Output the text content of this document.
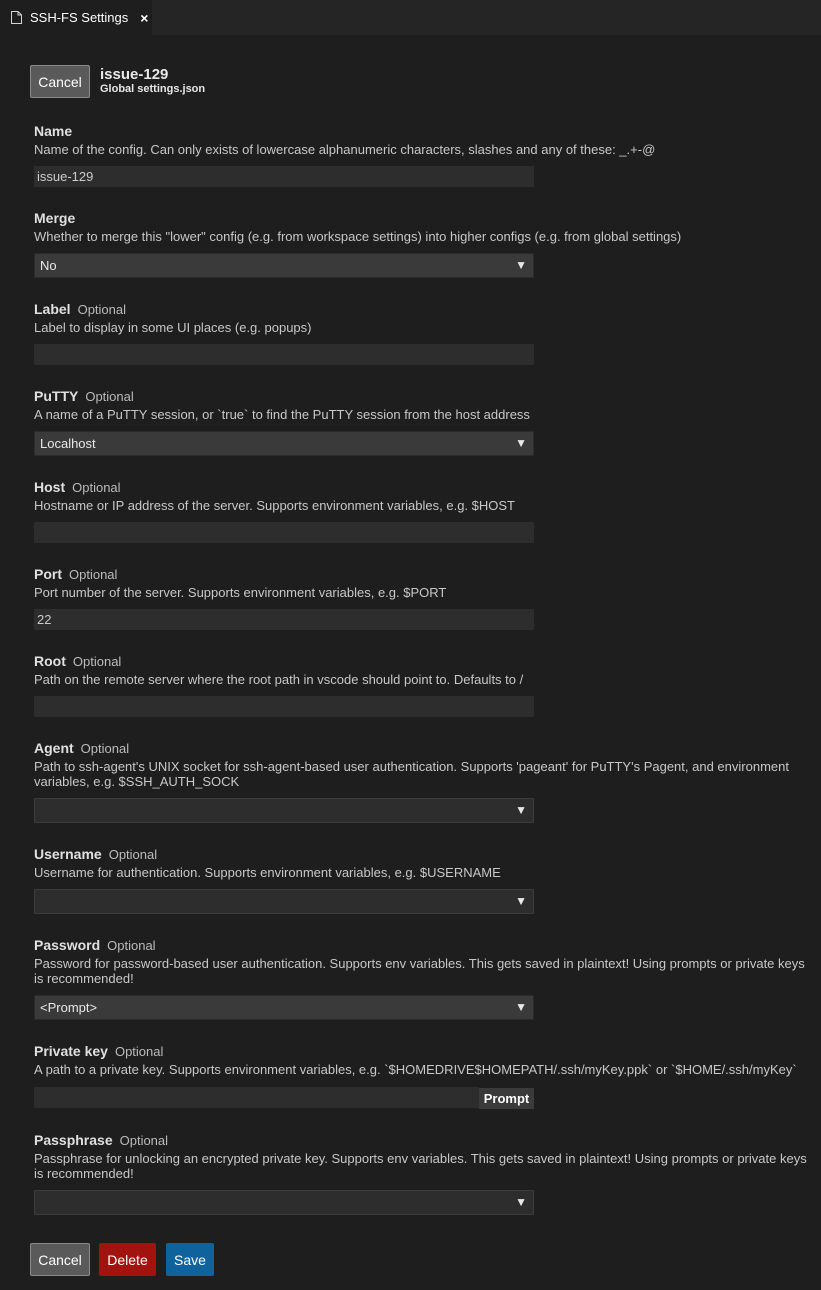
SSH-FS Settings ×
Cancel	issue-129
Global settings.json
Name
Name of the config. Can only exists of lowercase alphanumeric characters, slashes and any of these: _.+-@
issue-129
Merge
Whether to merge this "lower" config (e.g. from workspace settings) into higher configs (e.g. from global settings)
No	▼
Label Optional
Label to display in some UI places (e.g. popups)
PuTTY Optional
A name of a PuTTY session, or `true` to find the PuTTY session from the host address
Localhost	▼
Host Optional
Hostname or IP address of the server. Supports environment variables, e.g. $HOST
Port Optional
Port number of the server. Supports environment variables, e.g. $PORT
22
Root Optional
Path on the remote server where the root path in vscode should point to. Defaults to /
Agent Optional
Path to ssh-agent's UNIX socket for ssh-agent-based user authentication. Supports 'pageant' for PuTTY's Pagent, and environment variables, e.g. $SSH_AUTH_SOCK
▼
Username Optional
Username for authentication. Supports environment variables, e.g. $USERNAME
▼
Password Optional
Password for password-based user authentication. Supports env variables. This gets saved in plaintext! Using prompts or private keys is recommended!
<Prompt>	▼
Private key Optional
A path to a private key. Supports environment variables, e.g. `$HOMEDRIVE$HOMEPATH/.ssh/myKey.ppk` or `$HOME/.ssh/myKey`
Prompt
Passphrase Optional
Passphrase for unlocking an encrypted private key. Supports env variables. This gets saved in plaintext! Using prompts or private keys is recommended!
▼
Cancel	Delete	Save
